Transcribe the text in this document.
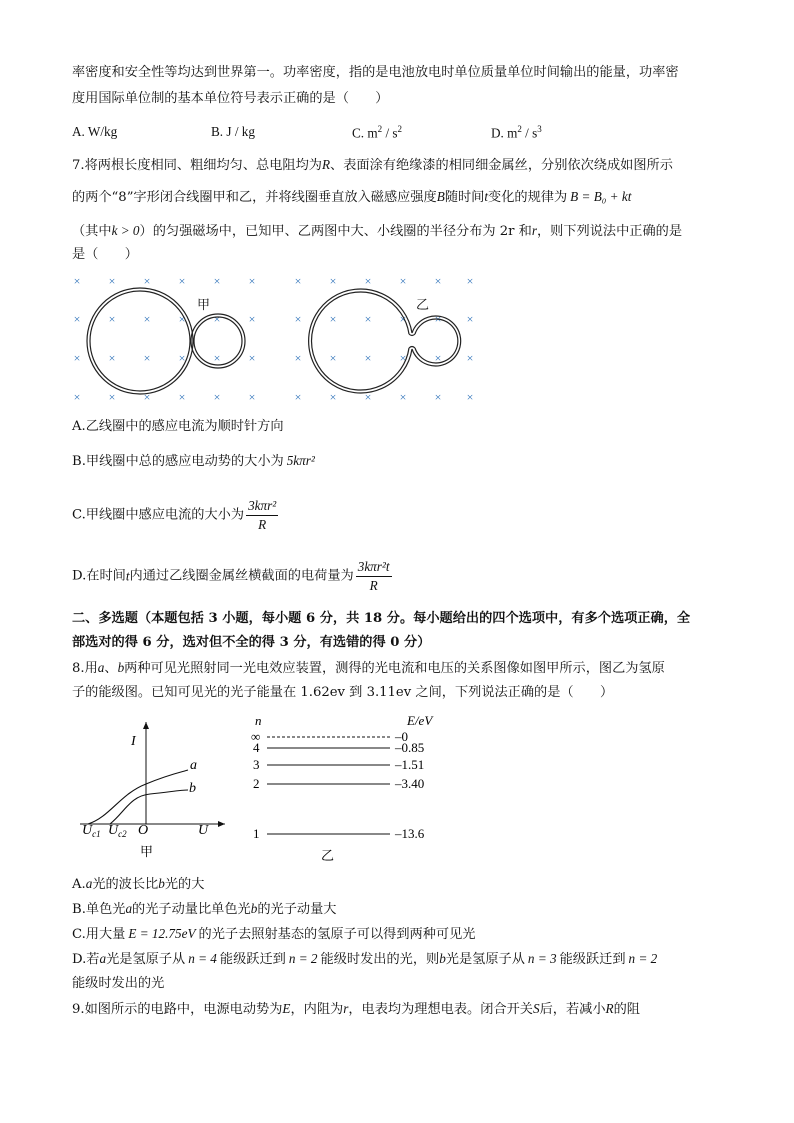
率密度和安全性等均达到世界第一。功率密度，指的是电池放电时单位质量单位时间输出的能量，功率密
度用国际单位制的基本单位符号表示正确的是（　　）
A. W/kg	B. J / kg	C. $m^2 / s^2$	D. $m^2 / s^3$
7.将两根长度相同、粗细均匀、总电阻均为R、表面涂有绝缘漆的相同细金属丝，分别依次绕成如图所示
的两个“8”字形闭合线圈甲和乙，并将线圈垂直放入磁感应强度B随时间t变化的规律为 B = B₀ + kt
（其中k > 0）的匀强磁场中，已知甲、乙两图中大、小线圈的半径分布为 2r 和r，则下列说法中正确的是
是（　　）
× × × × × ×
× × × × × ×
× × × × × ×
× × × × × ×
甲
× × × × × ×
× × × × × ×
× × × × × ×
× × × × × ×
乙
A.乙线圈中的感应电流为顺时针方向
B.甲线圈中总的感应电动势的大小为 5kπr²
C.甲线圈中感应电流的大小为 $\frac{\text{3kπr²}}{R}$
D.在时间t内通过乙线圈金属丝横截面的电荷量为 $\frac{\text{3kπr²t}}{R}$
二、多选题（本题包括 3 小题，每小题 6 分，共 18 分。每小题给出的四个选项中，有多个选项正确，全
部选对的得 6 分，选对但不全的得 3 分，有选错的得 0 分）
8.用a、b两种可见光照射同一光电效应装置，测得的光电流和电压的关系图像如图甲所示，图乙为氢原
子的能级图。已知可见光的光子能量在 1.62ev 到 3.11ev 之间，下列说法正确的是（　　）
I
U
O
a
b
$U_{c1}$ $U_{c2}$
甲
n	E/eV
∞	–0
4	–0.85
3	–1.51
2	–3.40
1	–13.6
乙
A.a光的波长比b光的大
B.单色光a的光子动量比单色光b的光子动量大
C.用大量 E = 12.75eV 的光子去照射基态的氢原子可以得到两种可见光
D.若a光是氢原子从 n = 4 能级跃迁到 n = 2 能级时发出的光，则b光是氢原子从 n = 3 能级跃迁到 n = 2
能级时发出的光
9.如图所示的电路中，电源电动势为E，内阻为r，电表均为理想电表。闭合开关S后，若减小R的阻
